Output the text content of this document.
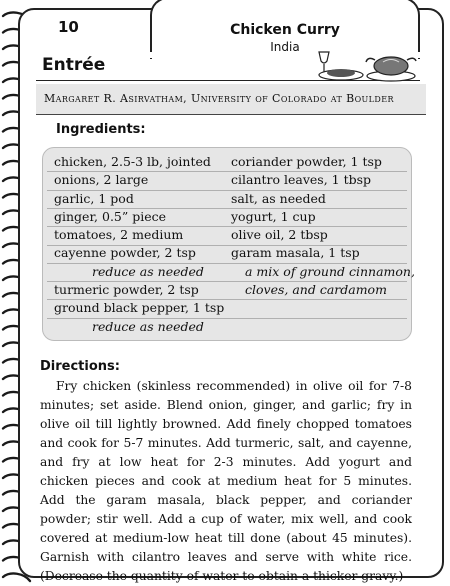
10	Chicken Curry
India
Entrée
Margaret R. Asirvatham, University of Colorado at Boulder
Ingredients:
chicken, 2.5-3 lb, jointed
onions, 2 large
garlic, 1 pod
ginger, 0.5” piece
tomatoes, 2 medium
cayenne powder, 2 tsp
reduce as needed
turmeric powder, 2 tsp
ground black pepper, 1 tsp
reduce as needed
coriander powder, 1 tsp
cilantro leaves, 1 tbsp
salt, as needed
yogurt, 1 cup
olive oil, 2 tbsp
garam masala, 1 tsp
a mix of ground cinnamon,
cloves, and cardamom
Directions:
Fry chicken (skinless recommended) in olive oil for 7-8 minutes; set aside. Blend onion, ginger, and garlic; fry in olive oil till lightly browned. Add finely chopped tomatoes and cook for 5-7 minutes. Add turmeric, salt, and cayenne, and fry at low heat for 2-3 minutes. Add yogurt and chicken pieces and cook at medium heat for 5 minutes. Add the garam masala, black pepper, and coriander powder; stir well. Add a cup of water, mix well, and cook covered at medium-low heat till done (about 45 minutes). Garnish with cilantro leaves and serve with white rice. (Decrease the quantity of water to obtain a thicker gravy.)
